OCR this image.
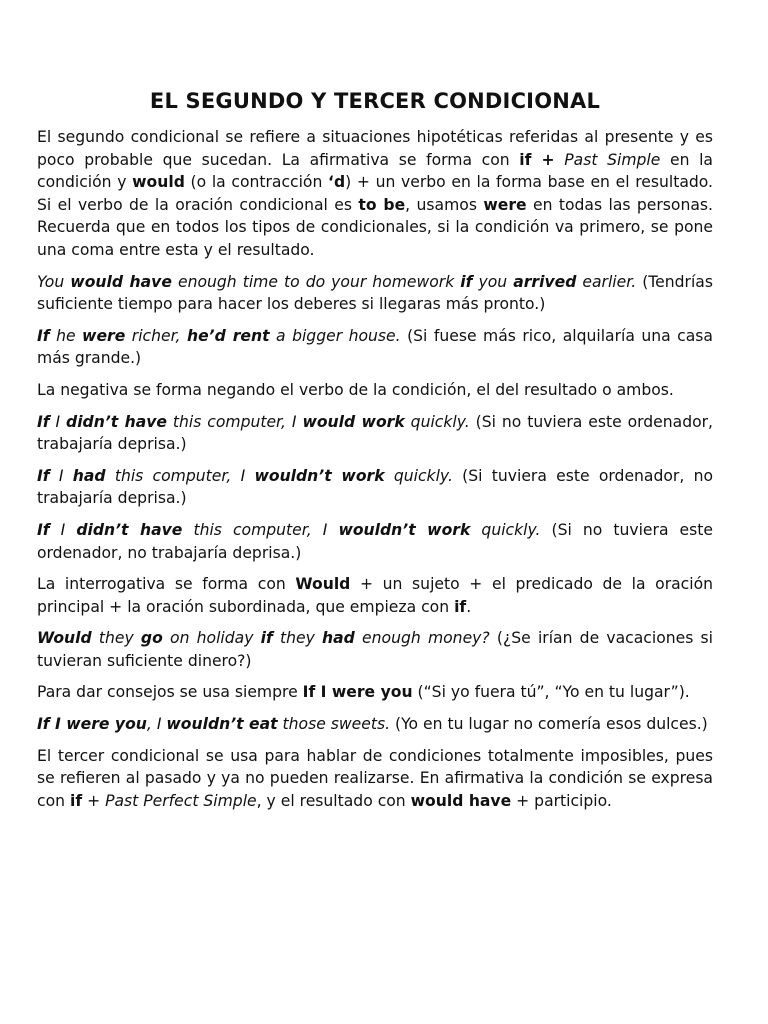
EL SEGUNDO Y TERCER CONDICIONAL

El segundo condicional se refiere a situaciones hipotéticas referidas al presente y es poco probable que sucedan. La afirmativa se forma con if + Past Simple en la condición y would (o la contracción ‘d) + un verbo en la forma base en el resultado. Si el verbo de la oración condicional es to be, usamos were en todas las personas. Recuerda que en todos los tipos de condicionales, si la condición va primero, se pone una coma entre esta y el resultado.

You would have enough time to do your homework if you arrived earlier. (Tendrías suficiente tiempo para hacer los deberes si llegaras más pronto.)

If he were richer, he’d rent a bigger house. (Si fuese más rico, alquilaría una casa más grande.)

La negativa se forma negando el verbo de la condición, el del resultado o ambos.

If I didn’t have this computer, I would work quickly. (Si no tuviera este ordenador, trabajaría deprisa.)

If I had this computer, I wouldn’t work quickly. (Si tuviera este ordenador, no trabajaría deprisa.)

If I didn’t have this computer, I wouldn’t work quickly. (Si no tuviera este ordenador, no trabajaría deprisa.)

La interrogativa se forma con Would + un sujeto + el predicado de la oración principal + la oración subordinada, que empieza con if.

Would they go on holiday if they had enough money? (¿Se irían de vacaciones si tuvieran suficiente dinero?)

Para dar consejos se usa siempre If I were you (“Si yo fuera tú”, “Yo en tu lugar”).

If I were you, I wouldn’t eat those sweets. (Yo en tu lugar no comería esos dulces.)

El tercer condicional se usa para hablar de condiciones totalmente imposibles, pues se refieren al pasado y ya no pueden realizarse. En afirmativa la condición se expresa con if + Past Perfect Simple, y el resultado con would have + participio.
